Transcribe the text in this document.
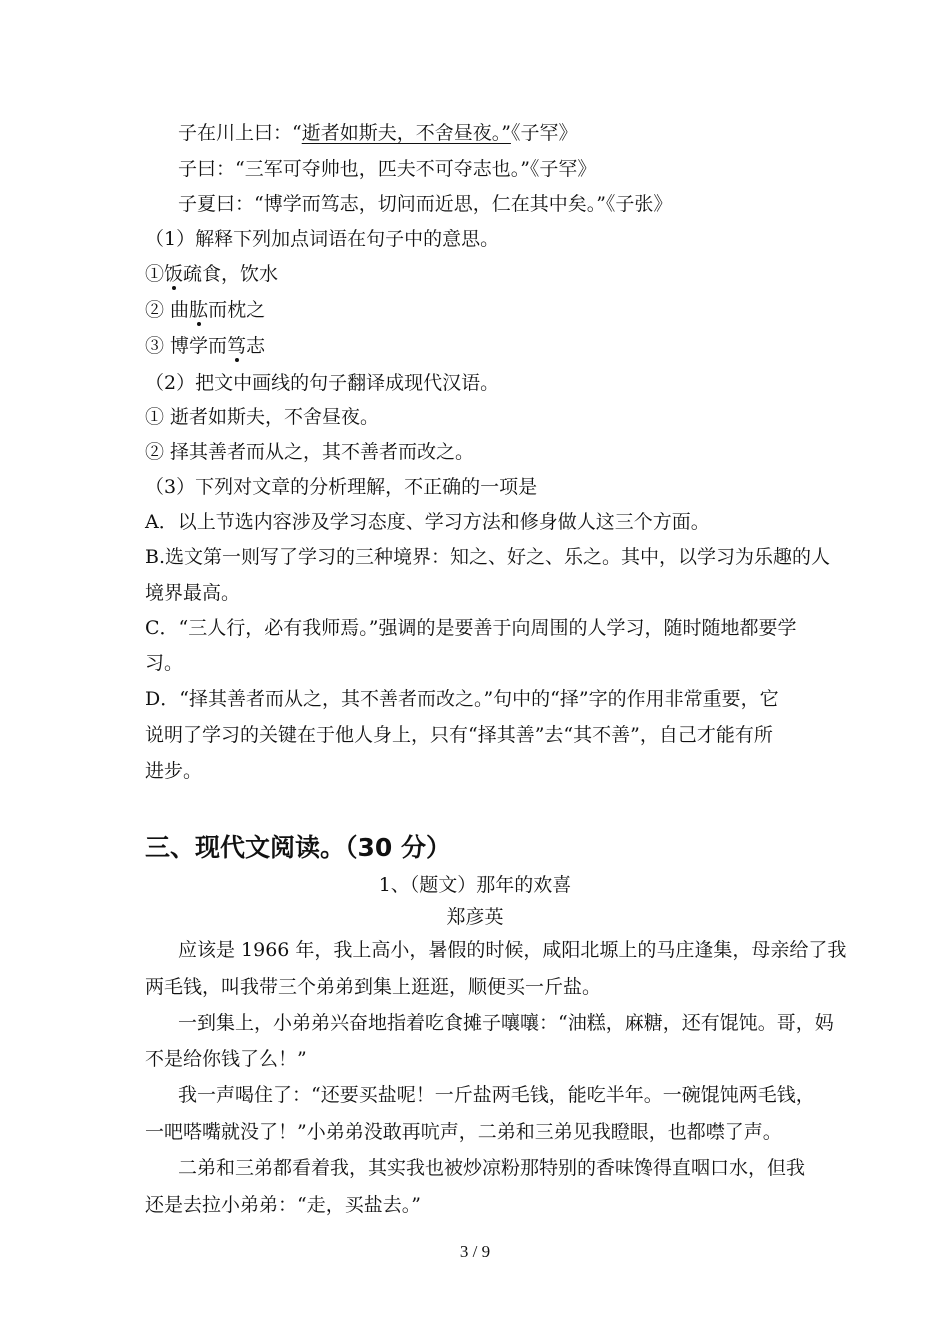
子在川上曰：“逝者如斯夫，不舍昼夜。”《子罕》
子曰：“三军可夺帅也，匹夫不可夺志也。”《子罕》
子夏曰：“博学而笃志，切问而近思，仁在其中矣。”《子张》
（1）解释下列加点词语在句子中的意思。
①饭疏食，饮水
② 曲肱而枕之
③ 博学而笃志
（2）把文中画线的句子翻译成现代汉语。
① 逝者如斯夫，不舍昼夜。
② 择其善者而从之，其不善者而改之。
（3）下列对文章的分析理解，不正确的一项是
A．以上节选内容涉及学习态度、学习方法和修身做人这三个方面。
B.选文第一则写了学习的三种境界：知之、好之、乐之。其中，以学习为乐趣的人
境界最高。
C．“三人行，必有我师焉。”强调的是要善于向周围的人学习，随时随地都要学
习。
D．“择其善者而从之，其不善者而改之。”句中的“择”字的作用非常重要，它
说明了学习的关键在于他人身上，只有“择其善”去“其不善”，自己才能有所
进步。
三、现代文阅读。（30 分）
1、（题文）那年的欢喜
郑彦英
应该是 1966 年，我上高小，暑假的时候，咸阳北塬上的马庄逢集，母亲给了我
两毛钱，叫我带三个弟弟到集上逛逛，顺便买一斤盐。
一到集上，小弟弟兴奋地指着吃食摊子嚷嚷：“油糕，麻糖，还有馄饨。哥，妈
不是给你钱了么！”
我一声喝住了：“还要买盐呢！一斤盐两毛钱，能吃半年。一碗馄饨两毛钱，
一吧嗒嘴就没了！”小弟弟没敢再吭声，二弟和三弟见我瞪眼，也都噤了声。
二弟和三弟都看着我，其实我也被炒凉粉那特别的香味馋得直咽口水，但我
还是去拉小弟弟：“走，买盐去。”
3 / 9
